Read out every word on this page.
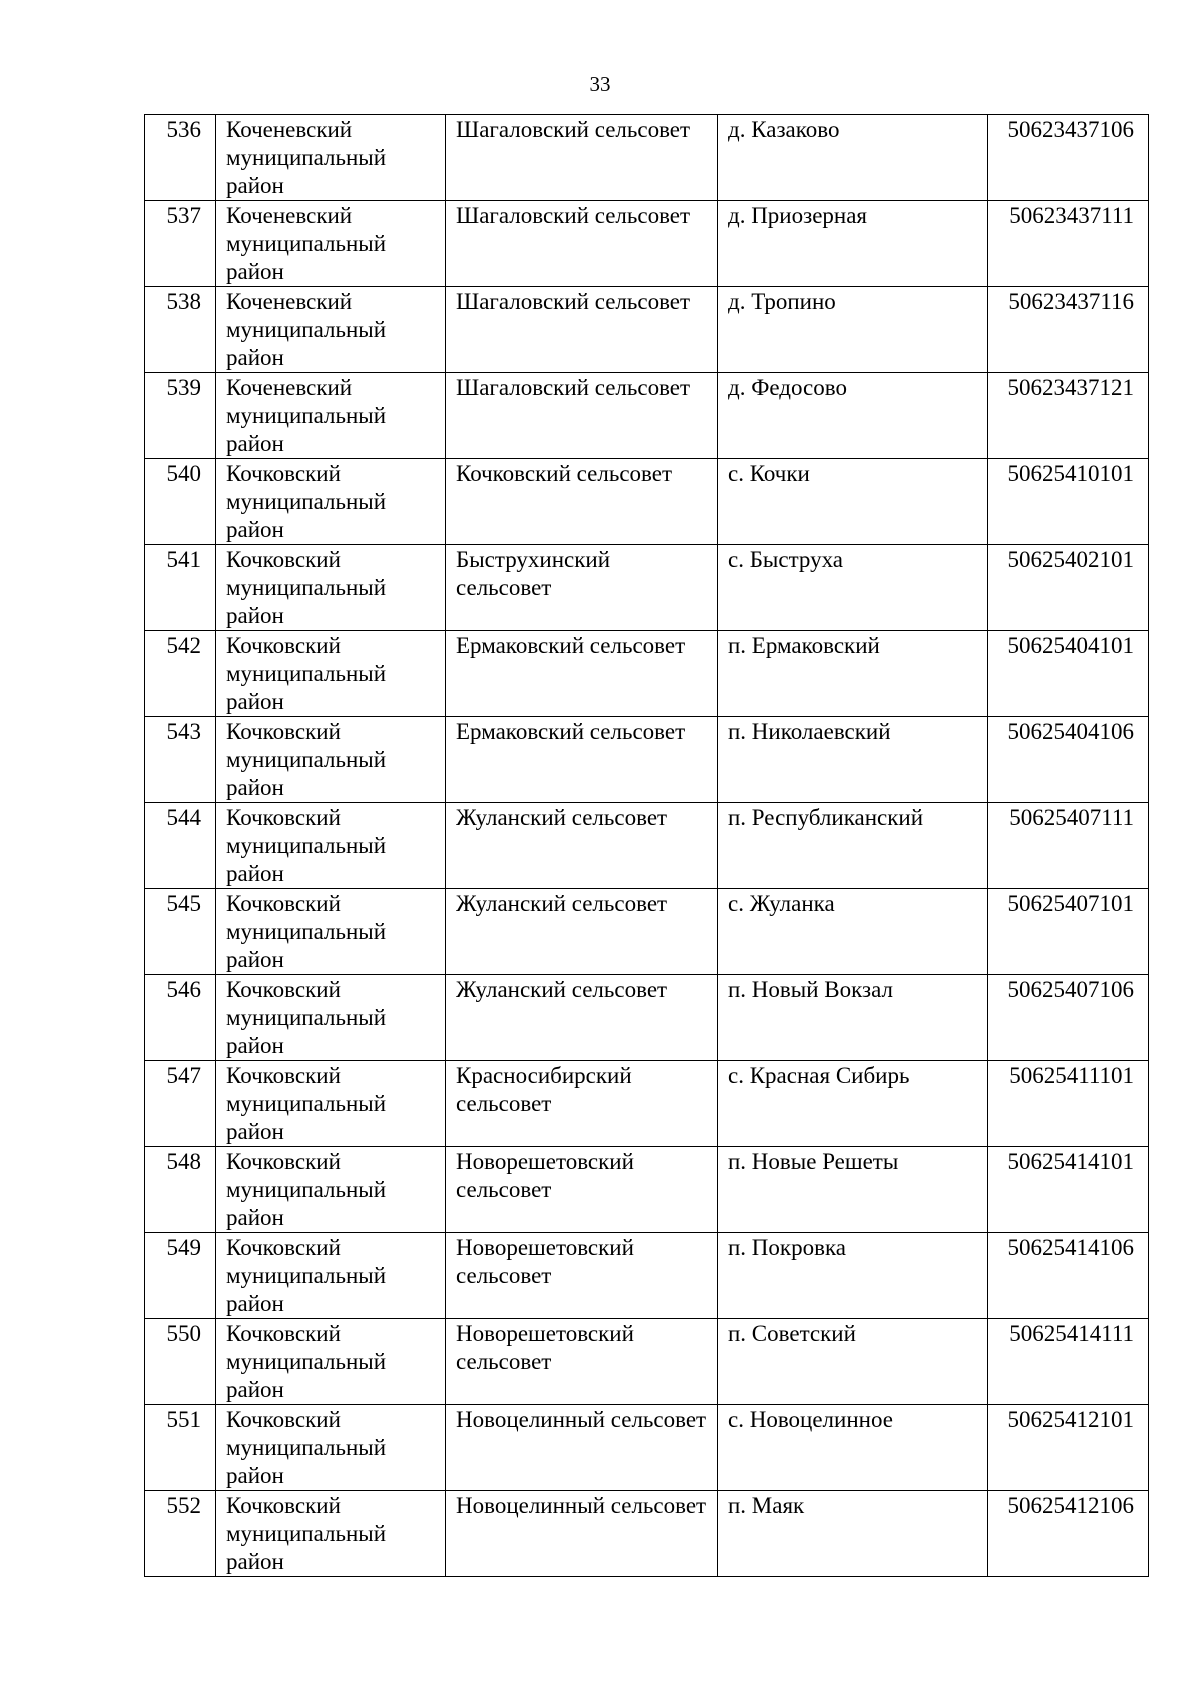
33
536	Коченевский муниципальный район	Шагаловский сельсовет	д. Казаково	50623437106
537	Коченевский муниципальный район	Шагаловский сельсовет	д. Приозерная	50623437111
538	Коченевский муниципальный район	Шагаловский сельсовет	д. Тропино	50623437116
539	Коченевский муниципальный район	Шагаловский сельсовет	д. Федосово	50623437121
540	Кочковский муниципальный район	Кочковский сельсовет	с. Кочки	50625410101
541	Кочковский муниципальный район	Быструхинский сельсовет	с. Быструха	50625402101
542	Кочковский муниципальный район	Ермаковский сельсовет	п. Ермаковский	50625404101
543	Кочковский муниципальный район	Ермаковский сельсовет	п. Николаевский	50625404106
544	Кочковский муниципальный район	Жуланский сельсовет	п. Республиканский	50625407111
545	Кочковский муниципальный район	Жуланский сельсовет	с. Жуланка	50625407101
546	Кочковский муниципальный район	Жуланский сельсовет	п. Новый Вокзал	50625407106
547	Кочковский муниципальный район	Красносибирский сельсовет	с. Красная Сибирь	50625411101
548	Кочковский муниципальный район	Новорешетовский сельсовет	п. Новые Решеты	50625414101
549	Кочковский муниципальный район	Новорешетовский сельсовет	п. Покровка	50625414106
550	Кочковский муниципальный район	Новорешетовский сельсовет	п. Советский	50625414111
551	Кочковский муниципальный район	Новоцелинный сельсовет	с. Новоцелинное	50625412101
552	Кочковский муниципальный район	Новоцелинный сельсовет	п. Маяк	50625412106
